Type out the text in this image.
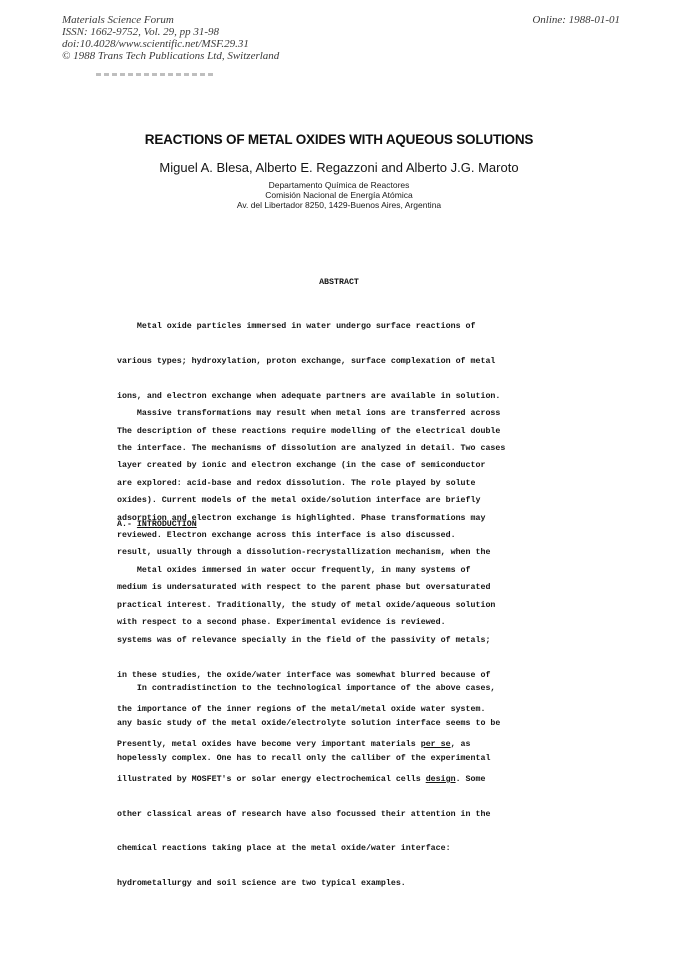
Materials Science Forum
ISSN: 1662-9752, Vol. 29, pp 31-98
doi:10.4028/www.scientific.net/MSF.29.31
© 1988 Trans Tech Publications Ltd, Switzerland
Online: 1988-01-01
REACTIONS OF METAL OXIDES WITH AQUEOUS SOLUTIONS
Miguel A. Blesa, Alberto E. Regazzoni and Alberto J.G. Maroto
Departamento Química de Reactores
Comisión Nacional de Energía Atómica
Av. del Libertador 8250, 1429-Buenos Aires, Argentina
ABSTRACT

Metal oxide particles immersed in water undergo surface reactions of

various types; hydroxylation, proton exchange, surface complexation of metal

ions, and electron exchange when adequate partners are available in solution.

The description of these reactions require modelling of the electrical double

layer created by ionic and electron exchange (in the case of semiconductor

oxides). Current models of the metal oxide/solution interface are briefly

reviewed. Electron exchange across this interface is also discussed.

Massive transformations may result when metal ions are transferred across

the interface. The mechanisms of dissolution are analyzed in detail. Two cases

are explored: acid-base and redox dissolution. The role played by solute

adsorption and electron exchange is highlighted. Phase transformations may

result, usually through a dissolution-recrystallization mechanism, when the

medium is undersaturated with respect to the parent phase but oversaturated

with respect to a second phase. Experimental evidence is reviewed.

A.- INTRODUCTION

Metal oxides immersed in water occur frequently, in many systems of

practical interest. Traditionally, the study of metal oxide/aqueous solution

systems was of relevance specially in the field of the passivity of metals;

in these studies, the oxide/water interface was somewhat blurred because of

the importance of the inner regions of the metal/metal oxide water system.

Presently, metal oxides have become very important materials per se, as

illustrated by MOSFET's or solar energy electrochemical cells design. Some

other classical areas of research have also focussed their attention in the

chemical reactions taking place at the metal oxide/water interface:

hydrometallurgy and soil science are two typical examples.

In contradistinction to the technological importance of the above cases,

any basic study of the metal oxide/electrolyte solution interface seems to be

hopelessly complex. One has to recall only the calliber of the experimental
